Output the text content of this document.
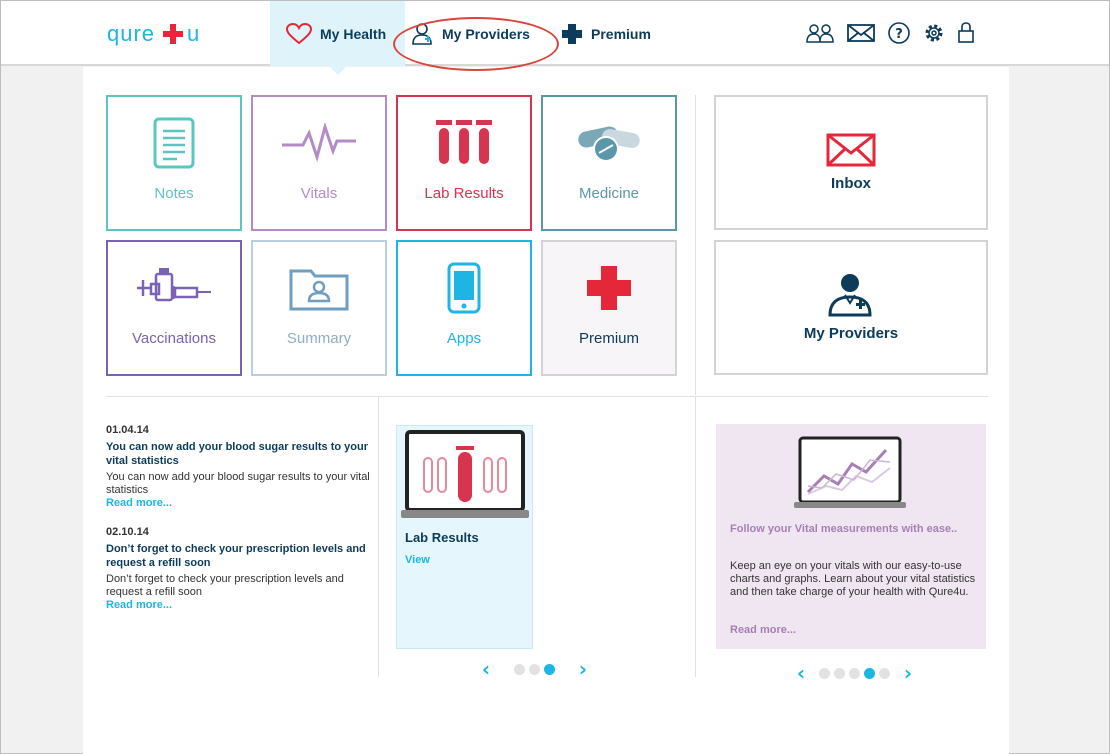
qure u	My Health	My Providers	Premium	?
Notes	Vitals	Lab Results	Medicine
Vaccinations	Summary	Apps	Premium
Inbox
My Providers
01.04.14
You can now add your blood sugar results to your vital statistics
You can now add your blood sugar results to your vital statistics
Read more...
02.10.14
Don’t forget to check your prescription levels and request a refill soon
Don’t forget to check your prescription levels and request a refill soon
Read more...
Lab Results
View
‹	›
Follow your Vital measurements with ease..
Keep an eye on your vitals with our easy-to-use charts and graphs. Learn about your vital statistics and then take charge of your health with Qure4u.
Read more...
‹	›
